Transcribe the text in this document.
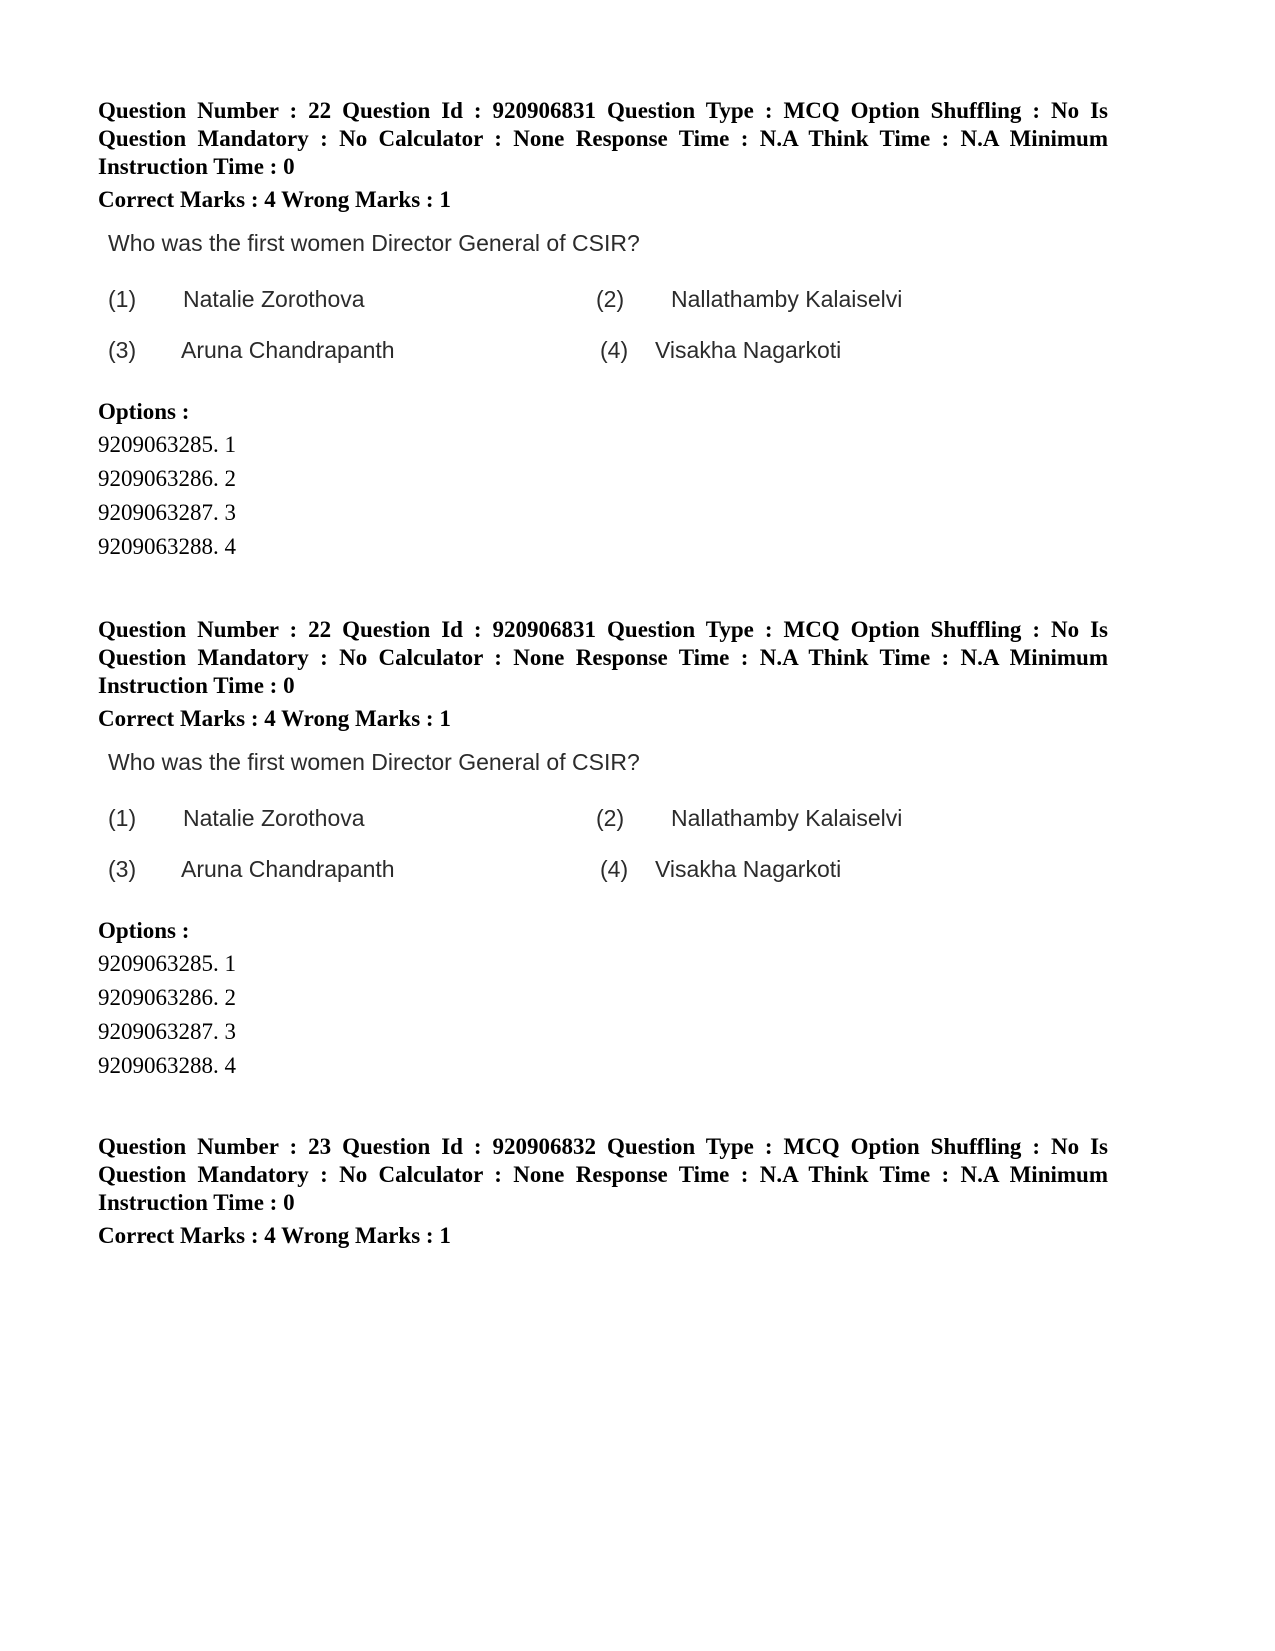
Question Number : 22 Question Id : 920906831 Question Type : MCQ Option Shuffling : No Is Question Mandatory : No Calculator : None Response Time : N.A Think Time : N.A Minimum Instruction Time : 0

Correct Marks : 4 Wrong Marks : 1

Who was the first women Director General of CSIR?
(1) Natalie Zorothova	(2) Nallathamby Kalaiselvi
(3) Aruna Chandrapanth	(4) Visakha Nagarkoti

Options :

9209063285. 1
9209063286. 2
9209063287. 3
9209063288. 4

Question Number : 22 Question Id : 920906831 Question Type : MCQ Option Shuffling : No Is Question Mandatory : No Calculator : None Response Time : N.A Think Time : N.A Minimum Instruction Time : 0

Correct Marks : 4 Wrong Marks : 1

Who was the first women Director General of CSIR?
(1) Natalie Zorothova	(2) Nallathamby Kalaiselvi
(3) Aruna Chandrapanth	(4) Visakha Nagarkoti

Options :

9209063285. 1
9209063286. 2
9209063287. 3
9209063288. 4

Question Number : 23 Question Id : 920906832 Question Type : MCQ Option Shuffling : No Is Question Mandatory : No Calculator : None Response Time : N.A Think Time : N.A Minimum Instruction Time : 0

Correct Marks : 4 Wrong Marks : 1
